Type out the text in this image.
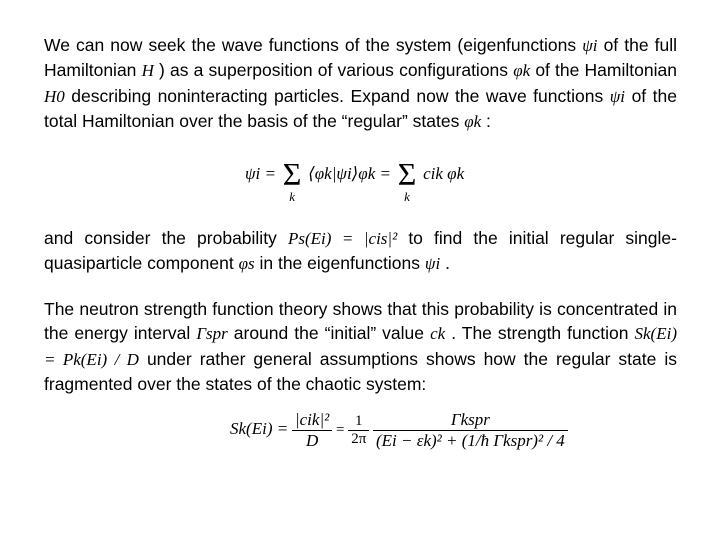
We can now seek the wave functions of the system (eigenfunctions ψi of the full Hamiltonian H ) as a superposition of various configurations φk of the Hamiltonian H0 describing noninteracting particles. Expand now the wave functions ψi of the total Hamiltonian over the basis of the “regular” states φk :

ψi = Σ
k
⟨φk|ψi⟩φk = Σ
k
cik φk

and consider the probability Ps(Ei) = |cis|² to find the initial regular single-quasiparticle component φs in the eigenfunctions ψi .

The neutron strength function theory shows that this probability is concentrated in the energy interval Γspr around the “initial” value ck . The strength function Sk(Ei) = Pk(Ei) / D under rather general assumptions shows how the regular state is fragmented over the states of the chaotic system:

$Sk(Ei) = \frac{\text{|cik|²}}{D} = \frac{1}{2\pi}$
$\frac{\text{Γkspr}}{\text{(Ei − εk)² + (1/ħ Γkspr)² / 4}}$
